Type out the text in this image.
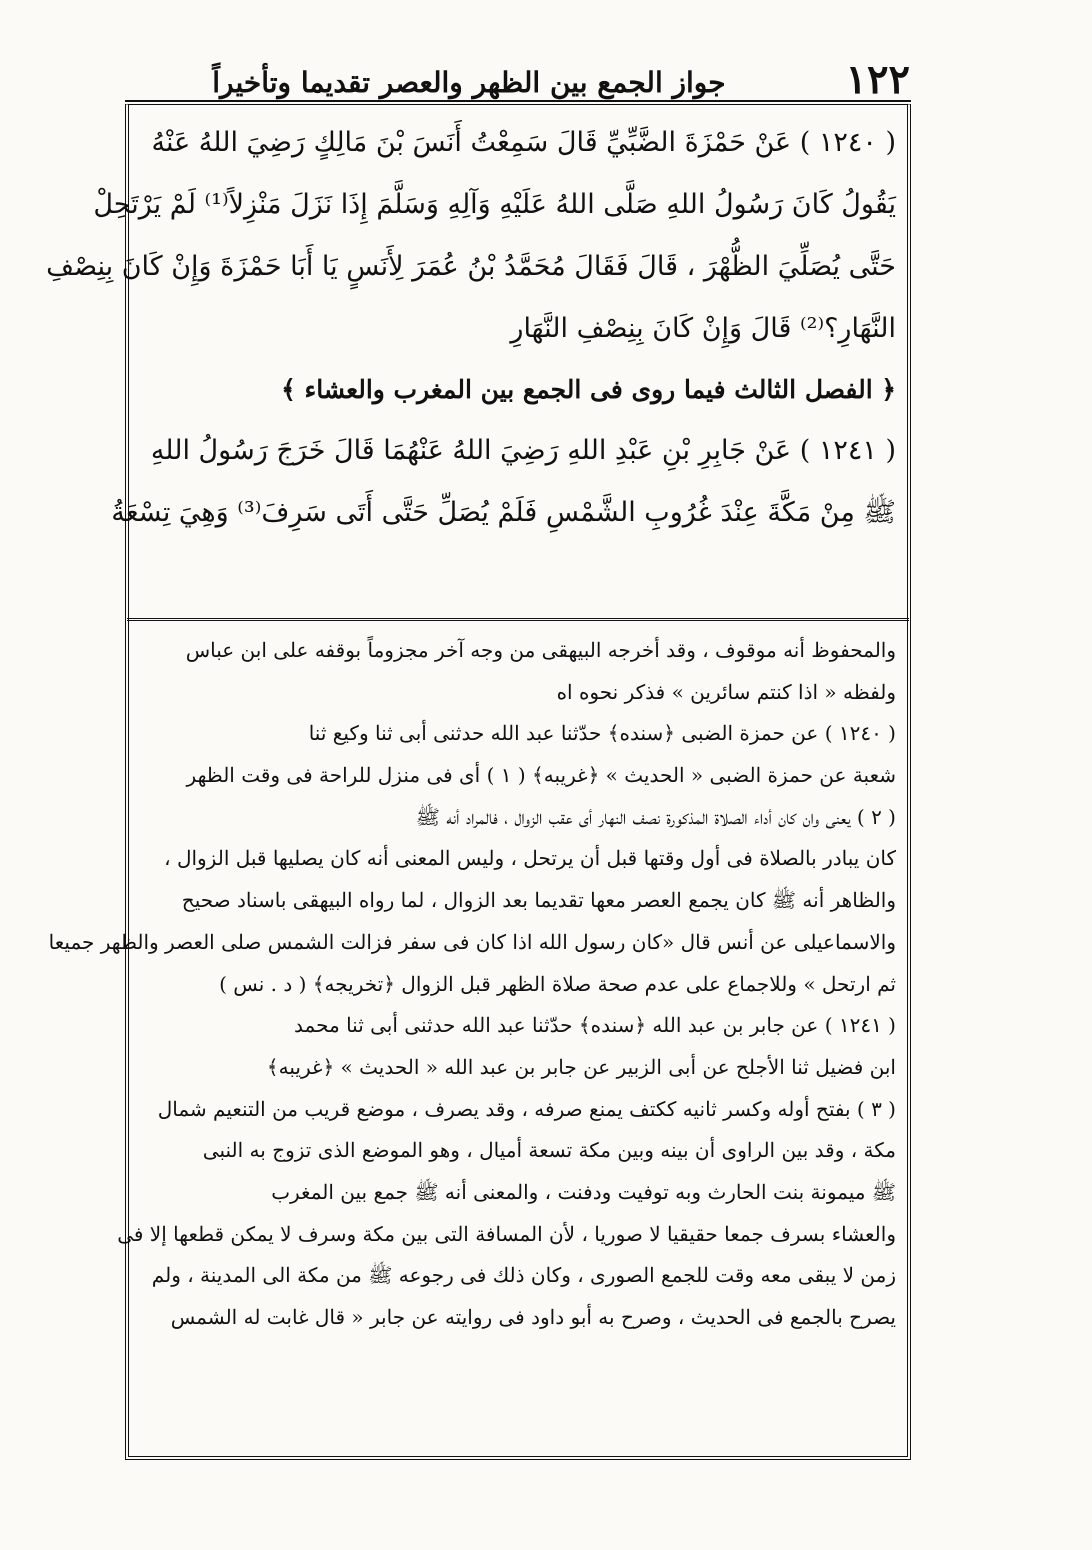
١٢٢
جواز الجمع بين الظهر والعصر تقديما وتأخيراً
( ١٢٤٠ ) عَنْ حَمْزَةَ الضَّبِّيِّ قَالَ سَمِعْتُ أَنَسَ بْنَ مَالِكٍ رَضِيَ اللهُ عَنْهُ
يَقُولُ كَانَ رَسُولُ اللهِ صَلَّى اللهُ عَلَيْهِ وَآلِهِ وَسَلَّمَ إِذَا نَزَلَ مَنْزِلاً⁽¹⁾ لَمْ يَرْتَحِلْ
حَتَّى يُصَلِّيَ الظُّهْرَ ، قَالَ فَقَالَ مُحَمَّدُ بْنُ عُمَرَ لِأَنَسٍ يَا أَبَا حَمْزَةَ وَإِنْ كَانَ بِنِصْفِ
النَّهَارِ؟⁽²⁾ قَالَ وَإِنْ كَانَ بِنِصْفِ النَّهَارِ
﴿ الفصل الثالث فيما روى فى الجمع بين المغرب والعشاء ﴾
( ١٢٤١ ) عَنْ جَابِرِ بْنِ عَبْدِ اللهِ رَضِيَ اللهُ عَنْهُمَا قَالَ خَرَجَ رَسُولُ اللهِ
ﷺ مِنْ مَكَّةَ عِنْدَ غُرُوبِ الشَّمْسِ فَلَمْ يُصَلِّ حَتَّى أَتَى سَرِفَ⁽³⁾ وَهِيَ تِسْعَةُ
والمحفوظ أنه موقوف ، وقد أخرجه البيهقى من وجه آخر مجزوماً بوقفه على ابن عباس
ولفظه « اذا كنتم سائرين » فذكر نحوه اه
( ١٢٤٠ ) عن حمزة الضبى ﴿سنده﴾ حدّثنا عبد الله حدثنى أبى ثنا وكيع ثنا
شعبة عن حمزة الضبى « الحديث » ﴿غريبه﴾ ( ١ ) أى فى منزل للراحة فى وقت الظهر
( ٢ ) يعنى وان كان أداء الصلاة المذكورة نصف النهار أى عقب الزوال ، فالمراد أنه ﷺ
كان يبادر بالصلاة فى أول وقتها قبل أن يرتحل ، وليس المعنى أنه كان يصليها قبل الزوال ،
والظاهر أنه ﷺ كان يجمع العصر معها تقديما بعد الزوال ، لما رواه البيهقى باسناد صحيح
والاسماعيلى عن أنس قال «كان رسول الله اذا كان فى سفر فزالت الشمس صلى العصر والظهر جميعا
ثم ارتحل » وللاجماع على عدم صحة صلاة الظهر قبل الزوال ﴿تخريجه﴾ ( د . نس )
( ١٢٤١ ) عن جابر بن عبد الله ﴿سنده﴾ حدّثنا عبد الله حدثنى أبى ثنا محمد
ابن فضيل ثنا الأجلح عن أبى الزبير عن جابر بن عبد الله « الحديث » ﴿غريبه﴾
( ٣ ) بفتح أوله وكسر ثانيه ككتف يمنع صرفه ، وقد يصرف ، موضع قريب من التنعيم شمال
مكة ، وقد بين الراوى أن بينه وبين مكة تسعة أميال ، وهو الموضع الذى تزوج به النبى
ﷺ ميمونة بنت الحارث وبه توفيت ودفنت ، والمعنى أنه ﷺ جمع بين المغرب
والعشاء بسرف جمعا حقيقيا لا صوريا ، لأن المسافة التى بين مكة وسرف لا يمكن قطعها إلا فى
زمن لا يبقى معه وقت للجمع الصورى ، وكان ذلك فى رجوعه ﷺ من مكة الى المدينة ، ولم
يصرح بالجمع فى الحديث ، وصرح به أبو داود فى روايته عن جابر « قال غابت له الشمس
